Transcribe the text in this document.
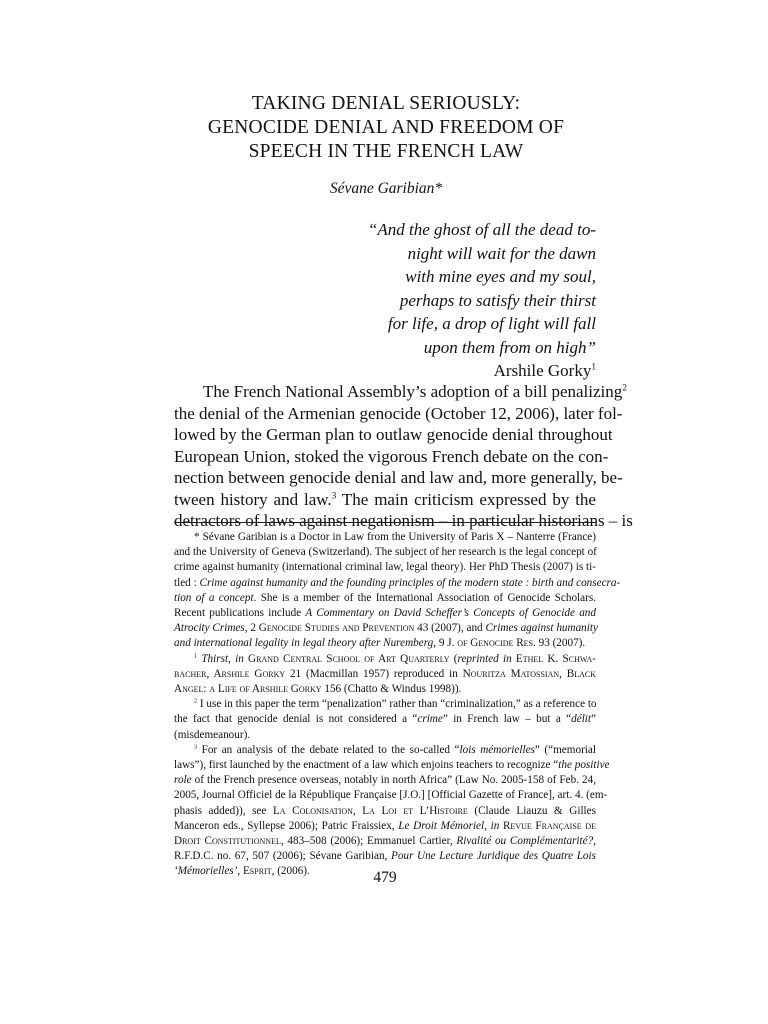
TAKING DENIAL SERIOUSLY:
GENOCIDE DENIAL AND FREEDOM OF
SPEECH IN THE FRENCH LAW
Sévane Garibian*
“And the ghost of all the dead to-
night will wait for the dawn
with mine eyes and my soul,
perhaps to satisfy their thirst
for life, a drop of light will fall
upon them from on high”
Arshile Gorky$^1$
The French National Assembly’s adoption of a bill penalizing$^2$
the denial of the Armenian genocide (October 12, 2006), later fol-
lowed by the German plan to outlaw genocide denial throughout
European Union, stoked the vigorous French debate on the con-
nection between genocide denial and law and, more generally, be-
tween history and law.$^3$ The main criticism expressed by the
detractors of laws against negationism – in particular historians – is
* Sévane Garibian is a Doctor in Law from the University of Paris X – Nanterre (France)
and the University of Geneva (Switzerland). The subject of her research is the legal concept of
crime against humanity (international criminal law, legal theory). Her PhD Thesis (2007) is ti-
tled : Crime against humanity and the founding principles of the modern state : birth and consecra-
tion of a concept. She is a member of the International Association of Genocide Scholars.
Recent publications include A Commentary on David Scheffer’s Concepts of Genocide and
Atrocity Crimes, 2 Genocide Studies and Prevention 43 (2007), and Crimes against humanity
and international legality in legal theory after Nuremberg, 9 J. of Genocide Res. 93 (2007).
$^1$ Thirst, in Grand Central School of Art Quarterly (reprinted in Ethel K. Schwa-
bacher, Arshile Gorky 21 (Macmillan 1957) reproduced in Nouritza Matossian, Black
Angel: a Life of Arshile Gorky 156 (Chatto & Windus 1998)).
$^2$ I use in this paper the term “penalization” rather than “criminalization,” as a reference to
the fact that genocide denial is not considered a “crime” in French law – but a “délit”
(misdemeanour).
$^3$ For an analysis of the debate related to the so-called “lois mémorielles” (“memorial
laws”), first launched by the enactment of a law which enjoins teachers to recognize “the positive
role of the French presence overseas, notably in north Africa” (Law No. 2005-158 of Feb. 24,
2005, Journal Officiel de la République Française [J.O.] [Official Gazette of France], art. 4. (em-
phasis added)), see La Colonisation, La Loi et L’Histoire (Claude Liauzu & Gilles
Manceron eds., Syllepse 2006); Patric Fraissiex, Le Droit Mémoriel, in Revue Française de
Droit Constitutionnel, 483–508 (2006); Emmanuel Cartier, Rivalité ou Complémentarité?,
R.F.D.C. no. 67, 507 (2006); Sévane Garibian, Pour Une Lecture Juridique des Quatre Lois
‘Mémorielles’, Esprit, (2006).	479
